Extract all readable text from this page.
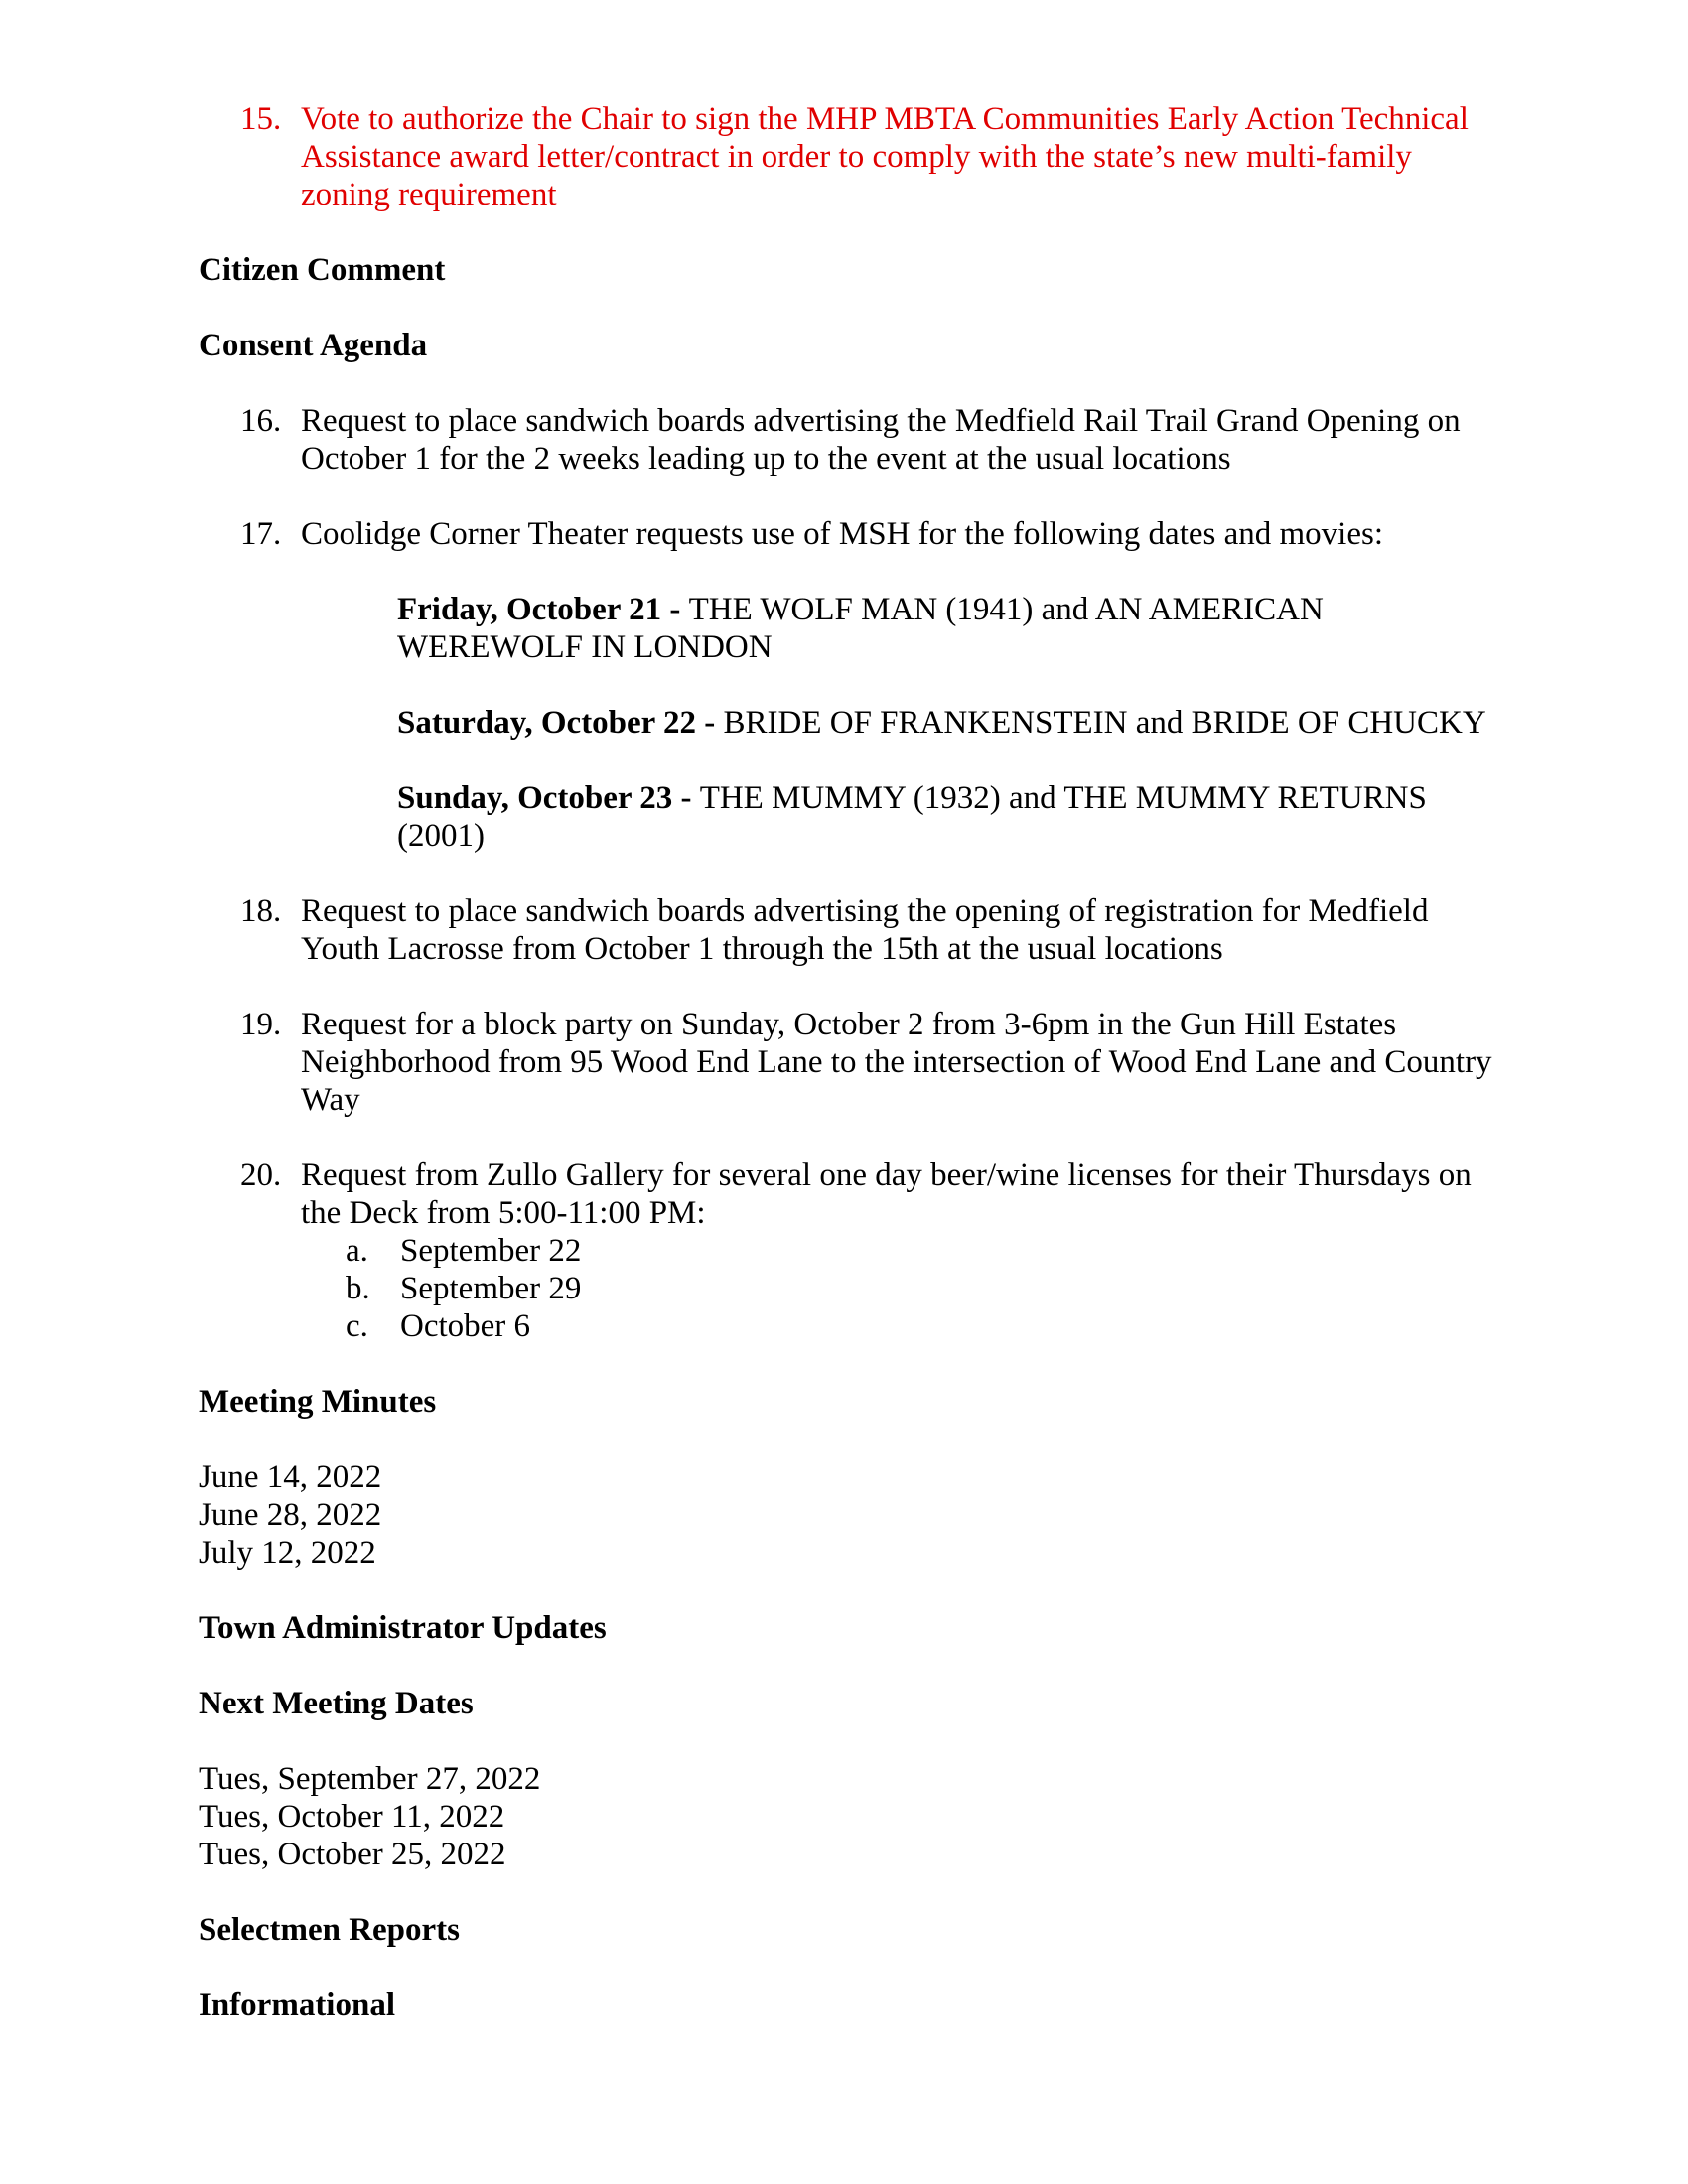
15. Vote to authorize the Chair to sign the MHP MBTA Communities Early Action Technical Assistance award letter/contract in order to comply with the state’s new multi-family zoning requirement
Citizen Comment
Consent Agenda
16. Request to place sandwich boards advertising the Medfield Rail Trail Grand Opening on October 1 for the 2 weeks leading up to the event at the usual locations
17. Coolidge Corner Theater requests use of MSH for the following dates and movies:
Friday, October 21 - THE WOLF MAN (1941) and AN AMERICAN WEREWOLF IN LONDON
Saturday, October 22 - BRIDE OF FRANKENSTEIN and BRIDE OF CHUCKY
Sunday, October 23 - THE MUMMY (1932) and THE MUMMY RETURNS (2001)
18. Request to place sandwich boards advertising the opening of registration for Medfield Youth Lacrosse from October 1 through the 15th at the usual locations
19. Request for a block party on Sunday, October 2 from 3-6pm in the Gun Hill Estates Neighborhood from 95 Wood End Lane to the intersection of Wood End Lane and Country Way
20. Request from Zullo Gallery for several one day beer/wine licenses for their Thursdays on the Deck from 5:00-11:00 PM:
a. September 22
b. September 29
c. October 6
Meeting Minutes
June 14, 2022
June 28, 2022
July 12, 2022
Town Administrator Updates
Next Meeting Dates
Tues, September 27, 2022
Tues, October 11, 2022
Tues, October 25, 2022
Selectmen Reports
Informational
